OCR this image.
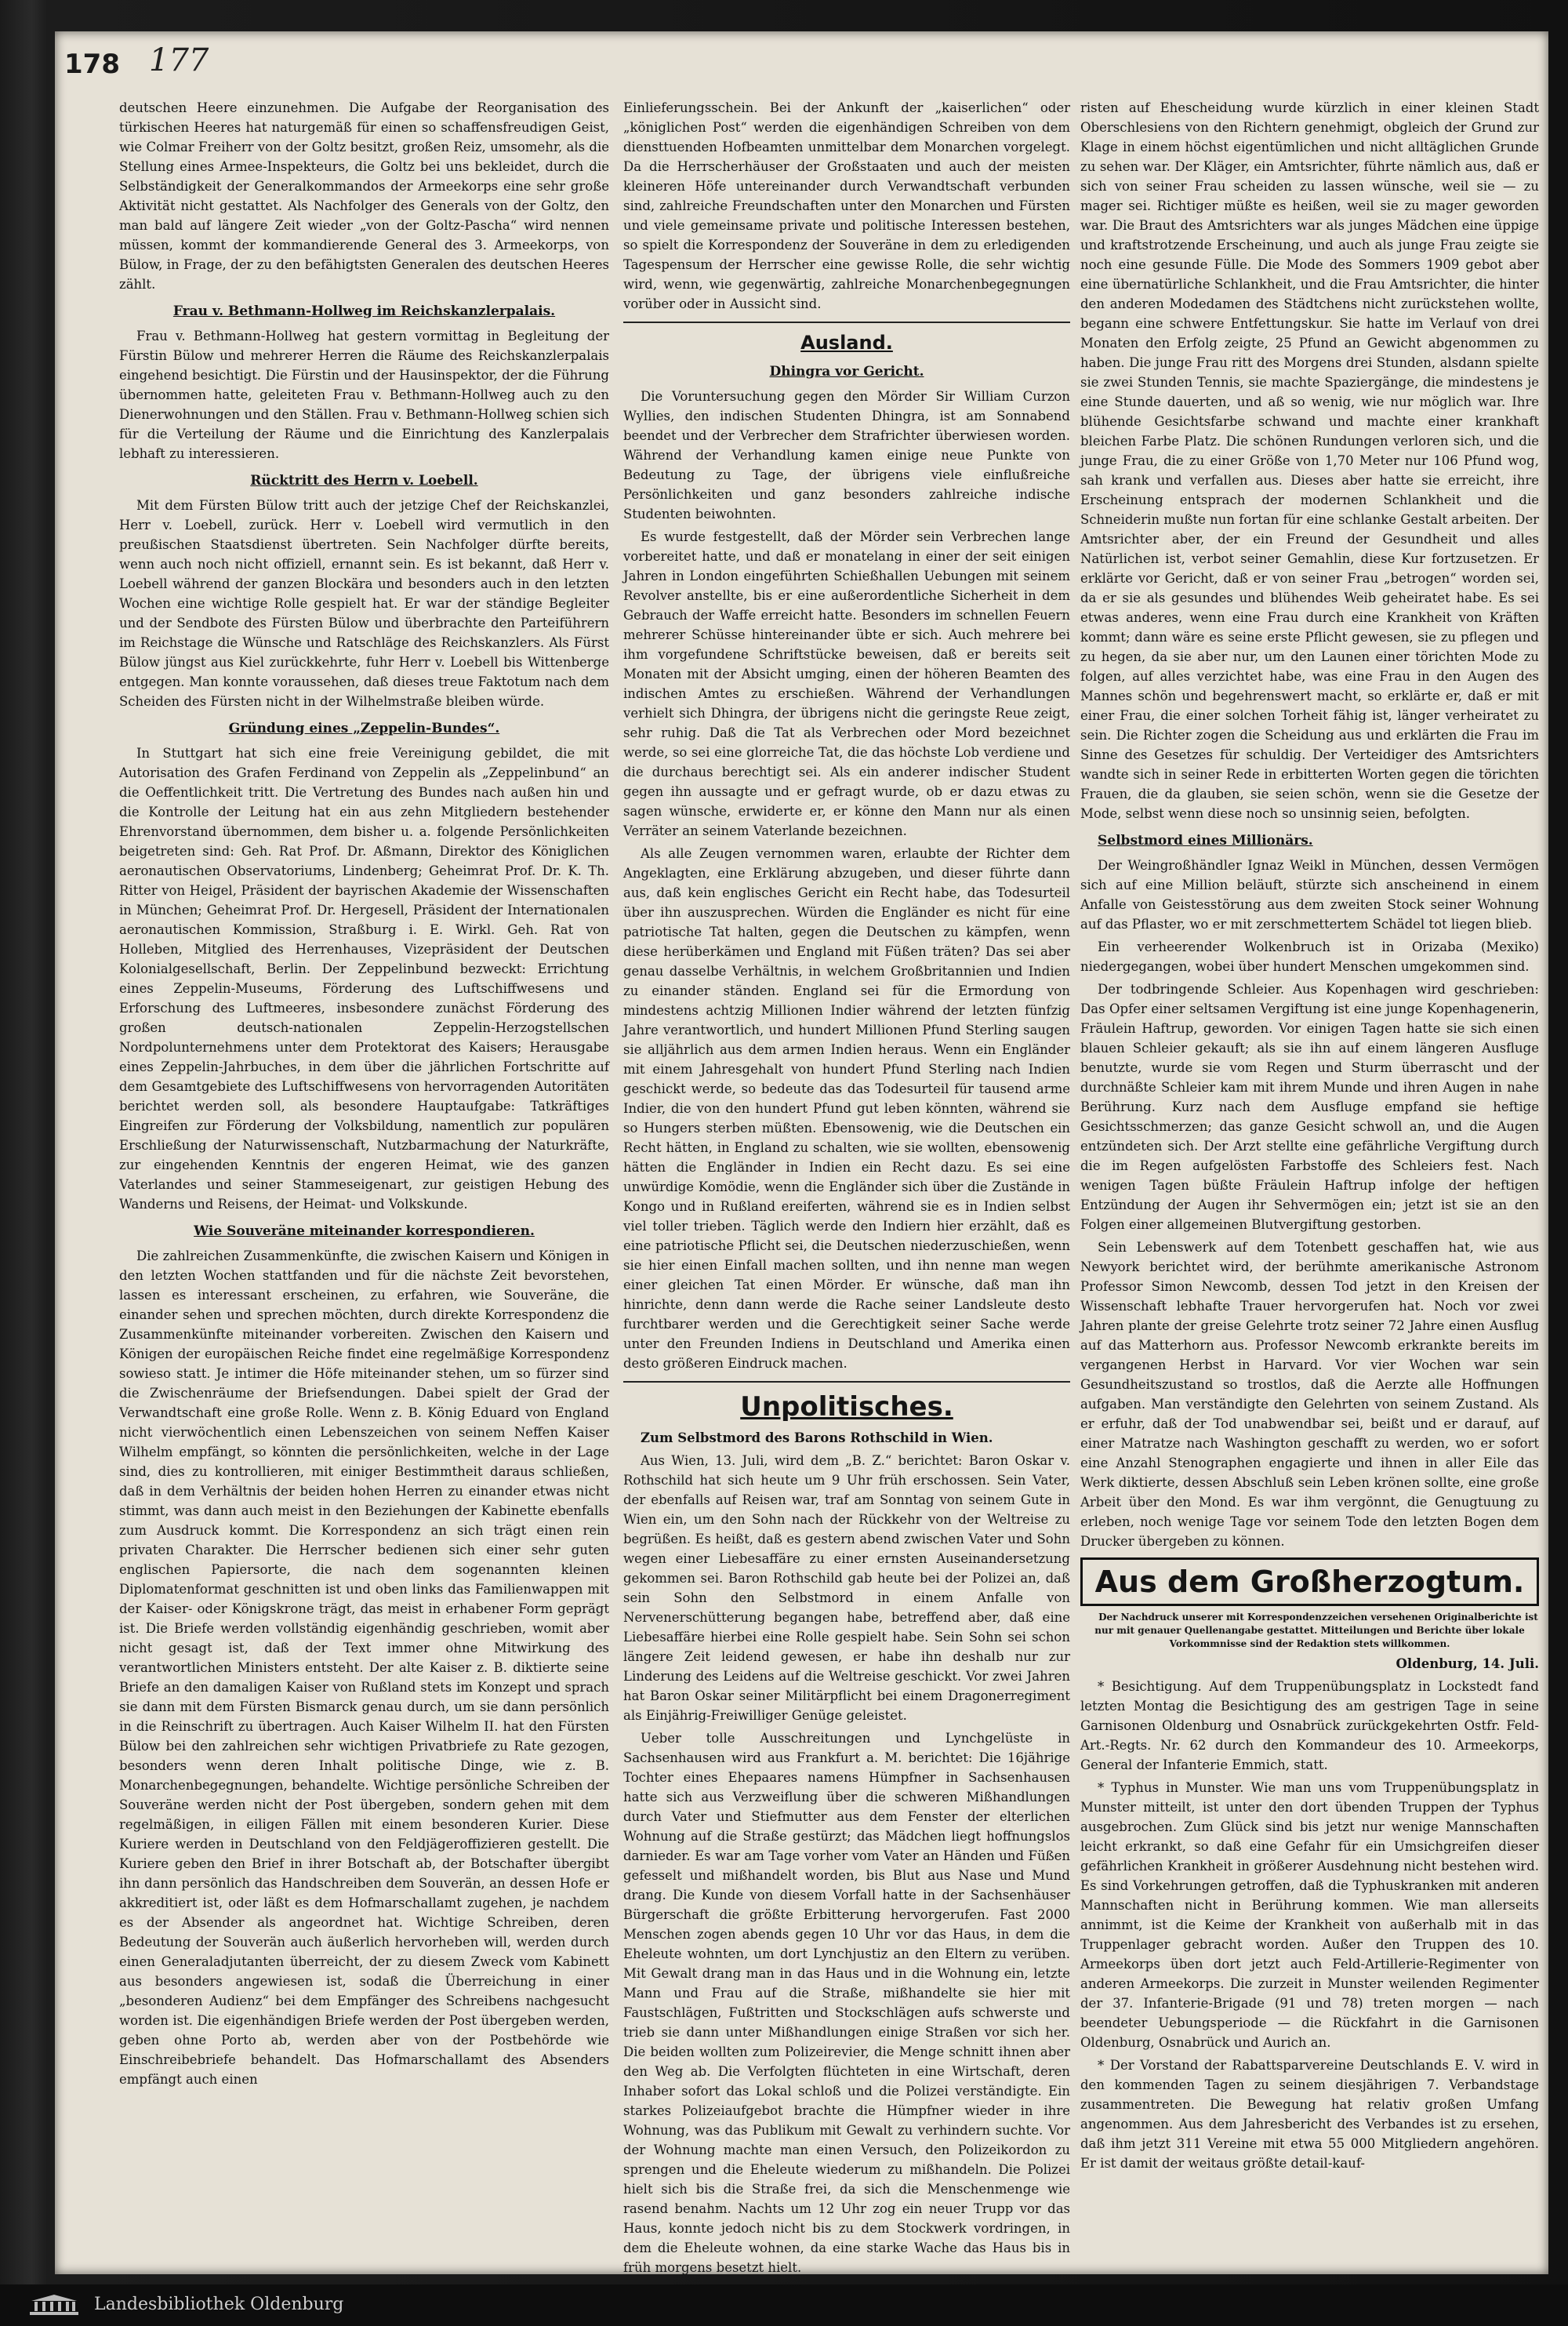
178 177

deutschen Heere einzunehmen. Die Aufgabe der Reorganisation des türkischen Heeres hat naturgemäß für einen so schaffensfreudigen Geist, wie Colmar Freiherr von der Goltz besitzt, großen Reiz, umsomehr, als die Stellung eines Armee-Inspekteurs, die Goltz bei uns bekleidet, durch die Selbständigkeit der Generalkommandos der Armeekorps eine sehr große Aktivität nicht gestattet. Als Nachfolger des Generals von der Goltz, den man bald auf längere Zeit wieder „von der Goltz-Pascha“ wird nennen müssen, kommt der kommandierende General des 3. Armeekorps, von Bülow, in Frage, der zu den befähigtsten Generalen des deutschen Heeres zählt.

Frau v. Bethmann-Hollweg im Reichskanzlerpalais.

Frau v. Bethmann-Hollweg hat gestern vormittag in Begleitung der Fürstin Bülow und mehrerer Herren die Räume des Reichskanzlerpalais eingehend besichtigt. Die Fürstin und der Hausinspektor, der die Führung übernommen hatte, geleiteten Frau v. Bethmann-Hollweg auch zu den Dienerwohnungen und den Ställen. Frau v. Bethmann-Hollweg schien sich für die Verteilung der Räume und die Einrichtung des Kanzlerpalais lebhaft zu interessieren.

Rücktritt des Herrn v. Loebell.

Mit dem Fürsten Bülow tritt auch der jetzige Chef der Reichskanzlei, Herr v. Loebell, zurück. Herr v. Loebell wird vermutlich in den preußischen Staatsdienst übertreten. Sein Nachfolger dürfte bereits, wenn auch noch nicht offiziell, ernannt sein. Es ist bekannt, daß Herr v. Loebell während der ganzen Blockära und besonders auch in den letzten Wochen eine wichtige Rolle gespielt hat. Er war der ständige Begleiter und der Sendbote des Fürsten Bülow und überbrachte den Parteiführern im Reichstage die Wünsche und Ratschläge des Reichskanzlers. Als Fürst Bülow jüngst aus Kiel zurückkehrte, fuhr Herr v. Loebell bis Wittenberge entgegen. Man konnte voraussehen, daß dieses treue Faktotum nach dem Scheiden des Fürsten nicht in der Wilhelmstraße bleiben würde.

Gründung eines „Zeppelin-Bundes“.

In Stuttgart hat sich eine freie Vereinigung gebildet, die mit Autorisation des Grafen Ferdinand von Zeppelin als „Zeppelinbund“ an die Oeffentlichkeit tritt. Die Vertretung des Bundes nach außen hin und die Kontrolle der Leitung hat ein aus zehn Mitgliedern bestehender Ehrenvorstand übernommen, dem bisher u. a. folgende Persönlichkeiten beigetreten sind: Geh. Rat Prof. Dr. Aßmann, Direktor des Königlichen aeronautischen Observatoriums, Lindenberg; Geheimrat Prof. Dr. K. Th. Ritter von Heigel, Präsident der bayrischen Akademie der Wissenschaften in München; Geheimrat Prof. Dr. Hergesell, Präsident der Internationalen aeronautischen Kommission, Straßburg i. E. Wirkl. Geh. Rat von Holleben, Mitglied des Herrenhauses, Vizepräsident der Deutschen Kolonialgesellschaft, Berlin. Der Zeppelinbund bezweckt: Errichtung eines Zeppelin-Museums, Förderung des Luftschiffwesens und Erforschung des Luftmeeres, insbesondere zunächst Förderung des großen deutsch-nationalen Zeppelin-Herzogstellschen Nordpolunternehmens unter dem Protektorat des Kaisers; Herausgabe eines Zeppelin-Jahrbuches, in dem über die jährlichen Fortschritte auf dem Gesamtgebiete des Luftschiffwesens von hervorragenden Autoritäten berichtet werden soll, als besondere Hauptaufgabe: Tatkräftiges Eingreifen zur Förderung der Volksbildung, namentlich zur populären Erschließung der Naturwissenschaft, Nutzbarmachung der Naturkräfte, zur eingehenden Kenntnis der engeren Heimat, wie des ganzen Vaterlandes und seiner Stammeseigenart, zur geistigen Hebung des Wanderns und Reisens, der Heimat- und Volkskunde.

Wie Souveräne miteinander korrespondieren.

Die zahlreichen Zusammenkünfte, die zwischen Kaisern und Königen in den letzten Wochen stattfanden und für die nächste Zeit bevorstehen, lassen es interessant erscheinen, zu erfahren, wie Souveräne, die einander sehen und sprechen möchten, durch direkte Korrespondenz die Zusammenkünfte miteinander vorbereiten. Zwischen den Kaisern und Königen der europäischen Reiche findet eine regelmäßige Korrespondenz sowieso statt. Je intimer die Höfe miteinander stehen, um so fürzer sind die Zwischenräume der Briefsendungen. Dabei spielt der Grad der Verwandtschaft eine große Rolle. Wenn z. B. König Eduard von England nicht vierwöchentlich einen Lebenszeichen von seinem Neffen Kaiser Wilhelm empfängt, so könnten die persönlichkeiten, welche in der Lage sind, dies zu kontrollieren, mit einiger Bestimmtheit daraus schließen, daß in dem Verhältnis der beiden hohen Herren zu einander etwas nicht stimmt, was dann auch meist in den Beziehungen der Kabinette ebenfalls zum Ausdruck kommt. Die Korrespondenz an sich trägt einen rein privaten Charakter. Die Herrscher bedienen sich einer sehr guten englischen Papiersorte, die nach dem sogenannten kleinen Diplomatenformat geschnitten ist und oben links das Familienwappen mit der Kaiser- oder Königskrone trägt, das meist in erhabener Form geprägt ist. Die Briefe werden vollständig eigenhändig geschrieben, womit aber nicht gesagt ist, daß der Text immer ohne Mitwirkung des verantwortlichen Ministers entsteht. Der alte Kaiser z. B. diktierte seine Briefe an den damaligen Kaiser von Rußland stets im Konzept und sprach sie dann mit dem Fürsten Bismarck genau durch, um sie dann persönlich in die Reinschrift zu übertragen. Auch Kaiser Wilhelm II. hat den Fürsten Bülow bei den zahlreichen sehr wichtigen Privatbriefe zu Rate gezogen, besonders wenn deren Inhalt politische Dinge, wie z. B. Monarchenbegegnungen, behandelte. Wichtige persönliche Schreiben der Souveräne werden nicht der Post übergeben, sondern gehen mit dem regelmäßigen, in eiligen Fällen mit einem besonderen Kurier. Diese Kuriere werden in Deutschland von den Feldjägeroffizieren gestellt. Die Kuriere geben den Brief in ihrer Botschaft ab, der Botschafter übergibt ihn dann persönlich das Handschreiben dem Souverän, an dessen Hofe er akkreditiert ist, oder läßt es dem Hofmarschallamt zugehen, je nachdem es der Absender als angeordnet hat. Wichtige Schreiben, deren Bedeutung der Souverän auch äußerlich hervorheben will, werden durch einen Generaladjutanten überreicht, der zu diesem Zweck vom Kabinett aus besonders angewiesen ist, sodaß die Überreichung in einer „besonderen Audienz“ bei dem Empfänger des Schreibens nachgesucht worden ist. Die eigenhändigen Briefe werden der Post übergeben werden, geben ohne Porto ab, werden aber von der Postbehörde wie Einschreibebriefe behandelt. Das Hofmarschallamt des Absenders empfängt auch einen

Einlieferungsschein. Bei der Ankunft der „kaiserlichen“ oder „königlichen Post“ werden die eigenhändigen Schreiben von dem diensttuenden Hofbeamten unmittelbar dem Monarchen vorgelegt. Da die Herrscherhäuser der Großstaaten und auch der meisten kleineren Höfe untereinander durch Verwandtschaft verbunden sind, zahlreiche Freundschaften unter den Monarchen und Fürsten und viele gemeinsame private und politische Interessen bestehen, so spielt die Korrespondenz der Souveräne in dem zu erledigenden Tagespensum der Herrscher eine gewisse Rolle, die sehr wichtig wird, wenn, wie gegenwärtig, zahlreiche Monarchenbegegnungen vorüber oder in Aussicht sind.

Ausland.
Dhingra vor Gericht.

Die Voruntersuchung gegen den Mörder Sir William Curzon Wyllies, den indischen Studenten Dhingra, ist am Sonnabend beendet und der Verbrecher dem Strafrichter überwiesen worden. Während der Verhandlung kamen einige neue Punkte von Bedeutung zu Tage, der übrigens viele einflußreiche Persönlichkeiten und ganz besonders zahlreiche indische Studenten beiwohnten.

Es wurde festgestellt, daß der Mörder sein Verbrechen lange vorbereitet hatte, und daß er monatelang in einer der seit einigen Jahren in London eingeführten Schießhallen Uebungen mit seinem Revolver anstellte, bis er eine außerordentliche Sicherheit in dem Gebrauch der Waffe erreicht hatte. Besonders im schnellen Feuern mehrerer Schüsse hintereinander übte er sich. Auch mehrere bei ihm vorgefundene Schriftstücke beweisen, daß er bereits seit Monaten mit der Absicht umging, einen der höheren Beamten des indischen Amtes zu erschießen. Während der Verhandlungen verhielt sich Dhingra, der übrigens nicht die geringste Reue zeigt, sehr ruhig. Daß die Tat als Verbrechen oder Mord bezeichnet werde, so sei eine glorreiche Tat, die das höchste Lob verdiene und die durchaus berechtigt sei. Als ein anderer indischer Student gegen ihn aussagte und er gefragt wurde, ob er dazu etwas zu sagen wünsche, erwiderte er, er könne den Mann nur als einen Verräter an seinem Vaterlande bezeichnen.

Als alle Zeugen vernommen waren, erlaubte der Richter dem Angeklagten, eine Erklärung abzugeben, und dieser führte dann aus, daß kein englisches Gericht ein Recht habe, das Todesurteil über ihn auszusprechen. Würden die Engländer es nicht für eine patriotische Tat halten, gegen die Deutschen zu kämpfen, wenn diese herüberkämen und England mit Füßen träten? Das sei aber genau dasselbe Verhältnis, in welchem Großbritannien und Indien zu einander ständen. England sei für die Ermordung von mindestens achtzig Millionen Indier während der letzten fünfzig Jahre verantwortlich, und hundert Millionen Pfund Sterling saugen sie alljährlich aus dem armen Indien heraus. Wenn ein Engländer mit einem Jahresgehalt von hundert Pfund Sterling nach Indien geschickt werde, so bedeute das das Todesurteil für tausend arme Indier, die von den hundert Pfund gut leben könnten, während sie so Hungers sterben müßten. Ebensowenig, wie die Deutschen ein Recht hätten, in England zu schalten, wie sie wollten, ebensowenig hätten die Engländer in Indien ein Recht dazu. Es sei eine unwürdige Komödie, wenn die Engländer sich über die Zustände in Kongo und in Rußland ereiferten, während sie es in Indien selbst viel toller trieben. Täglich werde den Indiern hier erzählt, daß es eine patriotische Pflicht sei, die Deutschen niederzuschießen, wenn sie hier einen Einfall machen sollten, und ihn nenne man wegen einer gleichen Tat einen Mörder. Er wünsche, daß man ihn hinrichte, denn dann werde die Rache seiner Landsleute desto furchtbarer werden und die Gerechtigkeit seiner Sache werde unter den Freunden Indiens in Deutschland und Amerika einen desto größeren Eindruck machen.

Unpolitisches.

Zum Selbstmord des Barons Rothschild in Wien.

Aus Wien, 13. Juli, wird dem „B. Z.“ berichtet: Baron Oskar v. Rothschild hat sich heute um 9 Uhr früh erschossen. Sein Vater, der ebenfalls auf Reisen war, traf am Sonntag von seinem Gute in Wien ein, um den Sohn nach der Rückkehr von der Weltreise zu begrüßen. Es heißt, daß es gestern abend zwischen Vater und Sohn wegen einer Liebesaffäre zu einer ernsten Auseinandersetzung gekommen sei. Baron Rothschild gab heute bei der Polizei an, daß sein Sohn den Selbstmord in einem Anfalle von Nervenerschütterung begangen habe, betreffend aber, daß eine Liebesaffäre hierbei eine Rolle gespielt habe. Sein Sohn sei schon längere Zeit leidend gewesen, er habe ihn deshalb nur zur Linderung des Leidens auf die Weltreise geschickt. Vor zwei Jahren hat Baron Oskar seiner Militärpflicht bei einem Dragonerregiment als Einjährig-Freiwilliger Genüge geleistet.

Ueber tolle Ausschreitungen und Lynchgelüste in Sachsenhausen wird aus Frankfurt a. M. berichtet: Die 16jährige Tochter eines Ehepaares namens Hümpfner in Sachsenhausen hatte sich aus Verzweiflung über die schweren Mißhandlungen durch Vater und Stiefmutter aus dem Fenster der elterlichen Wohnung auf die Straße gestürzt; das Mädchen liegt hoffnungslos darnieder. Es war am Tage vorher vom Vater an Händen und Füßen gefesselt und mißhandelt worden, bis Blut aus Nase und Mund drang. Die Kunde von diesem Vorfall hatte in der Sachsenhäuser Bürgerschaft die größte Erbitterung hervorgerufen. Fast 2000 Menschen zogen abends gegen 10 Uhr vor das Haus, in dem die Eheleute wohnten, um dort Lynchjustiz an den Eltern zu verüben. Mit Gewalt drang man in das Haus und in die Wohnung ein, letzte Mann und Frau auf die Straße, mißhandelte sie hier mit Faustschlägen, Fußtritten und Stockschlägen aufs schwerste und trieb sie dann unter Mißhandlungen einige Straßen vor sich her. Die beiden wollten zum Polizeirevier, die Menge schnitt ihnen aber den Weg ab. Die Verfolgten flüchteten in eine Wirtschaft, deren Inhaber sofort das Lokal schloß und die Polizei verständigte. Ein starkes Polizeiaufgebot brachte die Hümpfner wieder in ihre Wohnung, was das Publikum mit Gewalt zu verhindern suchte. Vor der Wohnung machte man einen Versuch, den Polizeikordon zu sprengen und die Eheleute wiederum zu mißhandeln. Die Polizei hielt sich bis die Straße frei, da sich die Menschenmenge wie rasend benahm. Nachts um 12 Uhr zog ein neuer Trupp vor das Haus, konnte jedoch nicht bis zu dem Stockwerk vordringen, in dem die Eheleute wohnen, da eine starke Wache das Haus bis in früh morgens besetzt hielt.

risten auf Ehescheidung wurde kürzlich in einer kleinen Stadt Oberschlesiens von den Richtern genehmigt, obgleich der Grund zur Klage in einem höchst eigentümlichen und nicht alltäglichen Grunde zu sehen war. Der Kläger, ein Amtsrichter, führte nämlich aus, daß er sich von seiner Frau scheiden zu lassen wünsche, weil sie — zu mager sei. Richtiger müßte es heißen, weil sie zu mager geworden war. Die Braut des Amtsrichters war als junges Mädchen eine üppige und kraftstrotzende Erscheinung, und auch als junge Frau zeigte sie noch eine gesunde Fülle. Die Mode des Sommers 1909 gebot aber eine übernatürliche Schlankheit, und die Frau Amtsrichter, die hinter den anderen Modedamen des Städtchens nicht zurückstehen wollte, begann eine schwere Entfettungskur. Sie hatte im Verlauf von drei Monaten den Erfolg zeigte, 25 Pfund an Gewicht abgenommen zu haben. Die junge Frau ritt des Morgens drei Stunden, alsdann spielte sie zwei Stunden Tennis, sie machte Spaziergänge, die mindestens je eine Stunde dauerten, und aß so wenig, wie nur möglich war. Ihre blühende Gesichtsfarbe schwand und machte einer krankhaft bleichen Farbe Platz. Die schönen Rundungen verloren sich, und die junge Frau, die zu einer Größe von 1,70 Meter nur 106 Pfund wog, sah krank und verfallen aus. Dieses aber hatte sie erreicht, ihre Erscheinung entsprach der modernen Schlankheit und die Schneiderin mußte nun fortan für eine schlanke Gestalt arbeiten. Der Amtsrichter aber, der ein Freund der Gesundheit und alles Natürlichen ist, verbot seiner Gemahlin, diese Kur fortzusetzen. Er erklärte vor Gericht, daß er von seiner Frau „betrogen“ worden sei, da er sie als gesundes und blühendes Weib geheiratet habe. Es sei etwas anderes, wenn eine Frau durch eine Krankheit von Kräften kommt; dann wäre es seine erste Pflicht gewesen, sie zu pflegen und zu hegen, da sie aber nur, um den Launen einer törichten Mode zu folgen, auf alles verzichtet habe, was eine Frau in den Augen des Mannes schön und begehrenswert macht, so erklärte er, daß er mit einer Frau, die einer solchen Torheit fähig ist, länger verheiratet zu sein. Die Richter zogen die Scheidung aus und erklärten die Frau im Sinne des Gesetzes für schuldig. Der Verteidiger des Amtsrichters wandte sich in seiner Rede in erbitterten Worten gegen die törichten Frauen, die da glauben, sie seien schön, wenn sie die Gesetze der Mode, selbst wenn diese noch so unsinnig seien, befolgten.

Selbstmord eines Millionärs.

Der Weingroßhändler Ignaz Weikl in München, dessen Vermögen sich auf eine Million beläuft, stürzte sich anscheinend in einem Anfalle von Geistesstörung aus dem zweiten Stock seiner Wohnung auf das Pflaster, wo er mit zerschmettertem Schädel tot liegen blieb.

Ein verheerender Wolkenbruch ist in Orizaba (Mexiko) niedergegangen, wobei über hundert Menschen umgekommen sind.

Der todbringende Schleier. Aus Kopenhagen wird geschrieben: Das Opfer einer seltsamen Vergiftung ist eine junge Kopenhagenerin, Fräulein Haftrup, geworden. Vor einigen Tagen hatte sie sich einen blauen Schleier gekauft; als sie ihn auf einem längeren Ausfluge benutzte, wurde sie vom Regen und Sturm überrascht und der durchnäßte Schleier kam mit ihrem Munde und ihren Augen in nahe Berührung. Kurz nach dem Ausfluge empfand sie heftige Gesichtsschmerzen; das ganze Gesicht schwoll an, und die Augen entzündeten sich. Der Arzt stellte eine gefährliche Vergiftung durch die im Regen aufgelösten Farbstoffe des Schleiers fest. Nach wenigen Tagen büßte Fräulein Haftrup infolge der heftigen Entzündung der Augen ihr Sehvermögen ein; jetzt ist sie an den Folgen einer allgemeinen Blutvergiftung gestorben.

Sein Lebenswerk auf dem Totenbett geschaffen hat, wie aus Newyork berichtet wird, der berühmte amerikanische Astronom Professor Simon Newcomb, dessen Tod jetzt in den Kreisen der Wissenschaft lebhafte Trauer hervorgerufen hat. Noch vor zwei Jahren plante der greise Gelehrte trotz seiner 72 Jahre einen Ausflug auf das Matterhorn aus. Professor Newcomb erkrankte bereits im vergangenen Herbst in Harvard. Vor vier Wochen war sein Gesundheitszustand so trostlos, daß die Aerzte alle Hoffnungen aufgaben. Man verständigte den Gelehrten von seinem Zustand. Als er erfuhr, daß der Tod unabwendbar sei, beißt und er darauf, auf einer Matratze nach Washington geschafft zu werden, wo er sofort eine Anzahl Stenographen engagierte und ihnen in aller Eile das Werk diktierte, dessen Abschluß sein Leben krönen sollte, eine große Arbeit über den Mond. Es war ihm vergönnt, die Genugtuung zu erleben, noch wenige Tage vor seinem Tode den letzten Bogen dem Drucker übergeben zu können.

Aus dem Großherzogtum.

Der Nachdruck unserer mit Korrespondenzzeichen versehenen Originalberichte ist nur mit genauer Quellenangabe gestattet. Mitteilungen und Berichte über lokale Vorkommnisse sind der Redaktion stets willkommen.

Oldenburg, 14. Juli.

* Besichtigung. Auf dem Truppenübungsplatz in Lockstedt fand letzten Montag die Besichtigung des am gestrigen Tage in seine Garnisonen Oldenburg und Osnabrück zurückgekehrten Ostfr. Feld-Art.-Regts. Nr. 62 durch den Kommandeur des 10. Armeekorps, General der Infanterie Emmich, statt.

* Typhus in Munster. Wie man uns vom Truppenübungsplatz in Munster mitteilt, ist unter den dort übenden Truppen der Typhus ausgebrochen. Zum Glück sind bis jetzt nur wenige Mannschaften leicht erkrankt, so daß eine Gefahr für ein Umsichgreifen dieser gefährlichen Krankheit in größerer Ausdehnung nicht bestehen wird. Es sind Vorkehrungen getroffen, daß die Typhuskranken mit anderen Mannschaften nicht in Berührung kommen. Wie man allerseits annimmt, ist die Keime der Krankheit von außerhalb mit in das Truppenlager gebracht worden. Außer den Truppen des 10. Armeekorps üben dort jetzt auch Feld-Artillerie-Regimenter von anderen Armeekorps. Die zurzeit in Munster weilenden Regimenter der 37. Infanterie-Brigade (91 und 78) treten morgen — nach beendeter Uebungsperiode — die Rückfahrt in die Garnisonen Oldenburg, Osnabrück und Aurich an.

* Der Vorstand der Rabattsparvereine Deutschlands E. V. wird in den kommenden Tagen zu seinem diesjährigen 7. Verbandstage zusammentreten. Die Bewegung hat relativ großen Umfang angenommen. Aus dem Jahresbericht des Verbandes ist zu ersehen, daß ihm jetzt 311 Vereine mit etwa 55 000 Mitgliedern angehören. Er ist damit der weitaus größte detail-kauf-

Landesbibliothek Oldenburg
